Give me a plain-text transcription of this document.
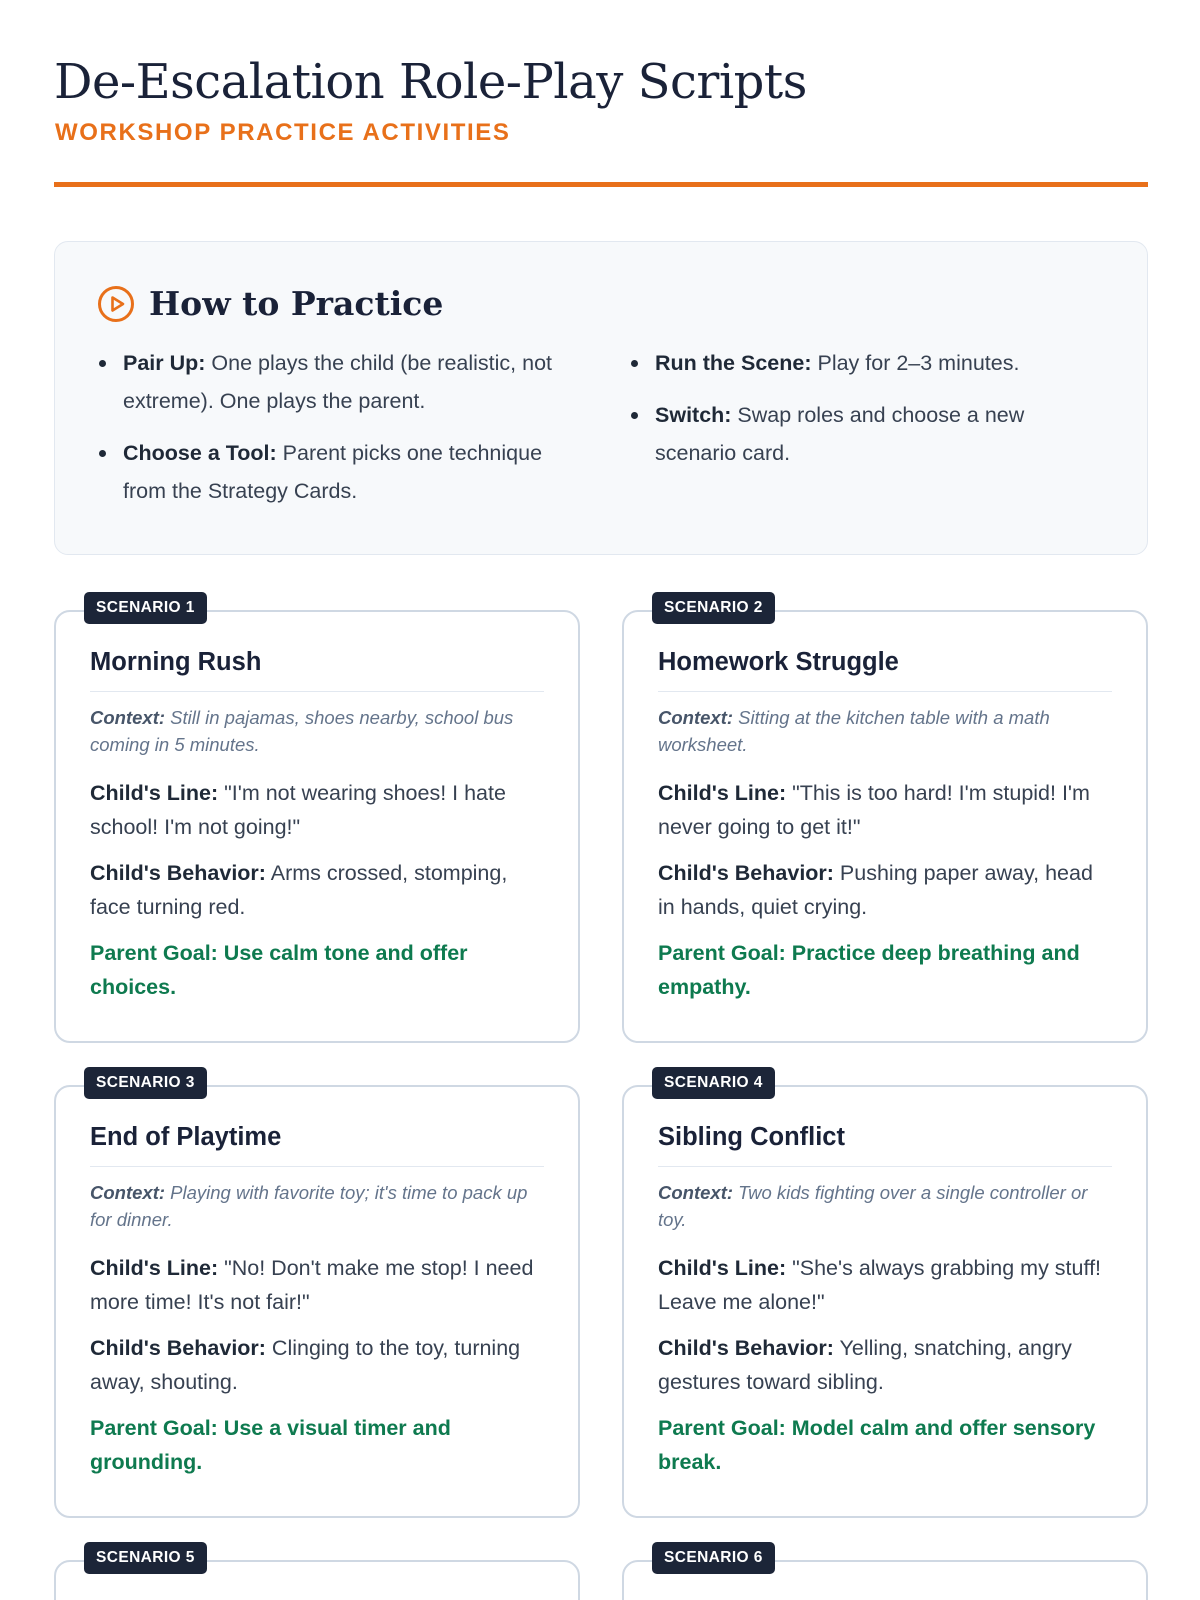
De-Escalation Role-Play Scripts
WORKSHOP PRACTICE ACTIVITIES
How to Practice
Pair Up: One plays the child (be realistic, not extreme). One plays the parent.
Choose a Tool: Parent picks one technique from the Strategy Cards.
Run the Scene: Play for 2–3 minutes.
Switch: Swap roles and choose a new scenario card.
SCENARIO 1
Morning Rush

Context: Still in pajamas, shoes nearby, school bus coming in 5 minutes.

Child's Line: "I'm not wearing shoes! I hate school! I'm not going!"

Child's Behavior: Arms crossed, stomping, face turning red.

Parent Goal: Use calm tone and offer choices.

SCENARIO 2
Homework Struggle

Context: Sitting at the kitchen table with a math worksheet.

Child's Line: "This is too hard! I'm stupid! I'm never going to get it!"

Child's Behavior: Pushing paper away, head in hands, quiet crying.

Parent Goal: Practice deep breathing and empathy.

SCENARIO 3
End of Playtime

Context: Playing with favorite toy; it's time to pack up for dinner.

Child's Line: "No! Don't make me stop! I need more time! It's not fair!"

Child's Behavior: Clinging to the toy, turning away, shouting.

Parent Goal: Use a visual timer and grounding.

SCENARIO 4
Sibling Conflict

Context: Two kids fighting over a single controller or toy.

Child's Line: "She's always grabbing my stuff! Leave me alone!"

Child's Behavior: Yelling, snatching, angry gestures toward sibling.

Parent Goal: Model calm and offer sensory break.

SCENARIO 5	SCENARIO 6
